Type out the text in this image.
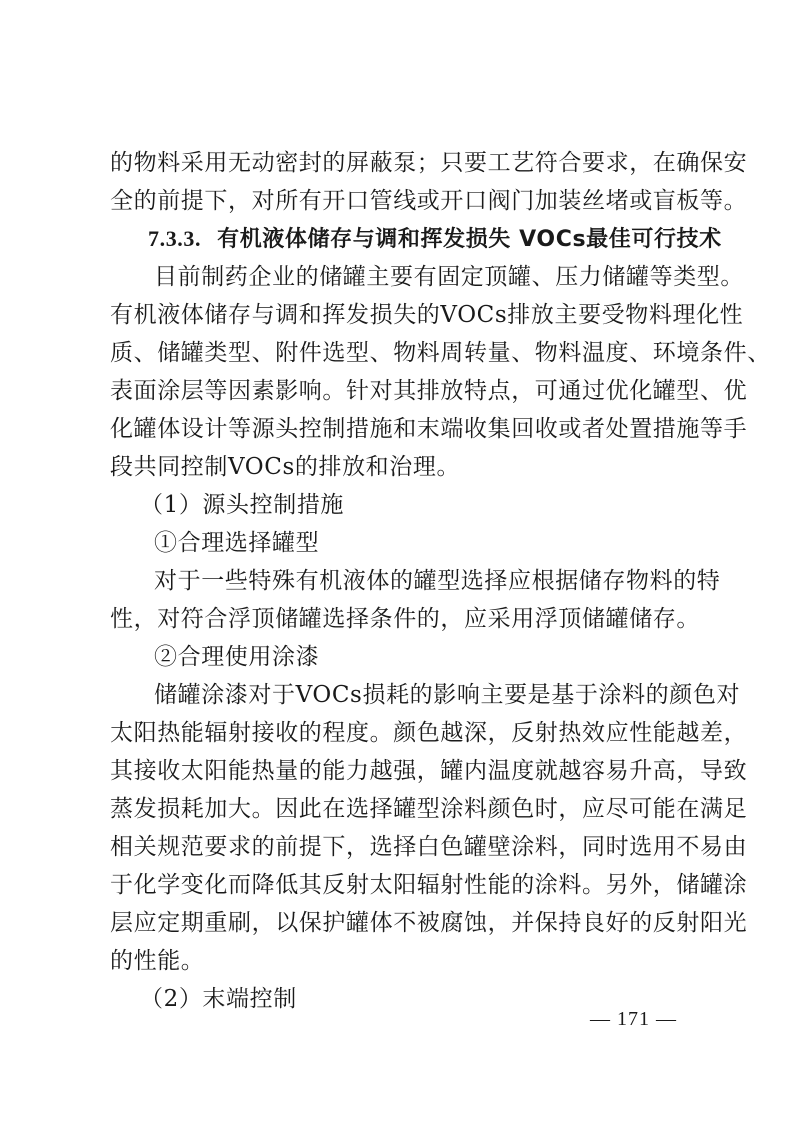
的物料采用无动密封的屏蔽泵；只要工艺符合要求，在确保安
全的前提下，对所有开口管线或开口阀门加装丝堵或盲板等。
7.3.3. 有机液体储存与调和挥发损失 VOCs最佳可行技术
目前制药企业的储罐主要有固定顶罐、压力储罐等类型。
有机液体储存与调和挥发损失的VOCs排放主要受物料理化性
质、储罐类型、附件选型、物料周转量、物料温度、环境条件、
表面涂层等因素影响。针对其排放特点，可通过优化罐型、优
化罐体设计等源头控制措施和末端收集回收或者处置措施等手
段共同控制VOCs的排放和治理。
（1）源头控制措施
①合理选择罐型
对于一些特殊有机液体的罐型选择应根据储存物料的特
性，对符合浮顶储罐选择条件的，应采用浮顶储罐储存。
②合理使用涂漆
储罐涂漆对于VOCs损耗的影响主要是基于涂料的颜色对
太阳热能辐射接收的程度。颜色越深，反射热效应性能越差，
其接收太阳能热量的能力越强，罐内温度就越容易升高，导致
蒸发损耗加大。因此在选择罐型涂料颜色时，应尽可能在满足
相关规范要求的前提下，选择白色罐壁涂料，同时选用不易由
于化学变化而降低其反射太阳辐射性能的涂料。另外，储罐涂
层应定期重刷，以保护罐体不被腐蚀，并保持良好的反射阳光
的性能。
（2）末端控制
— 171 —
